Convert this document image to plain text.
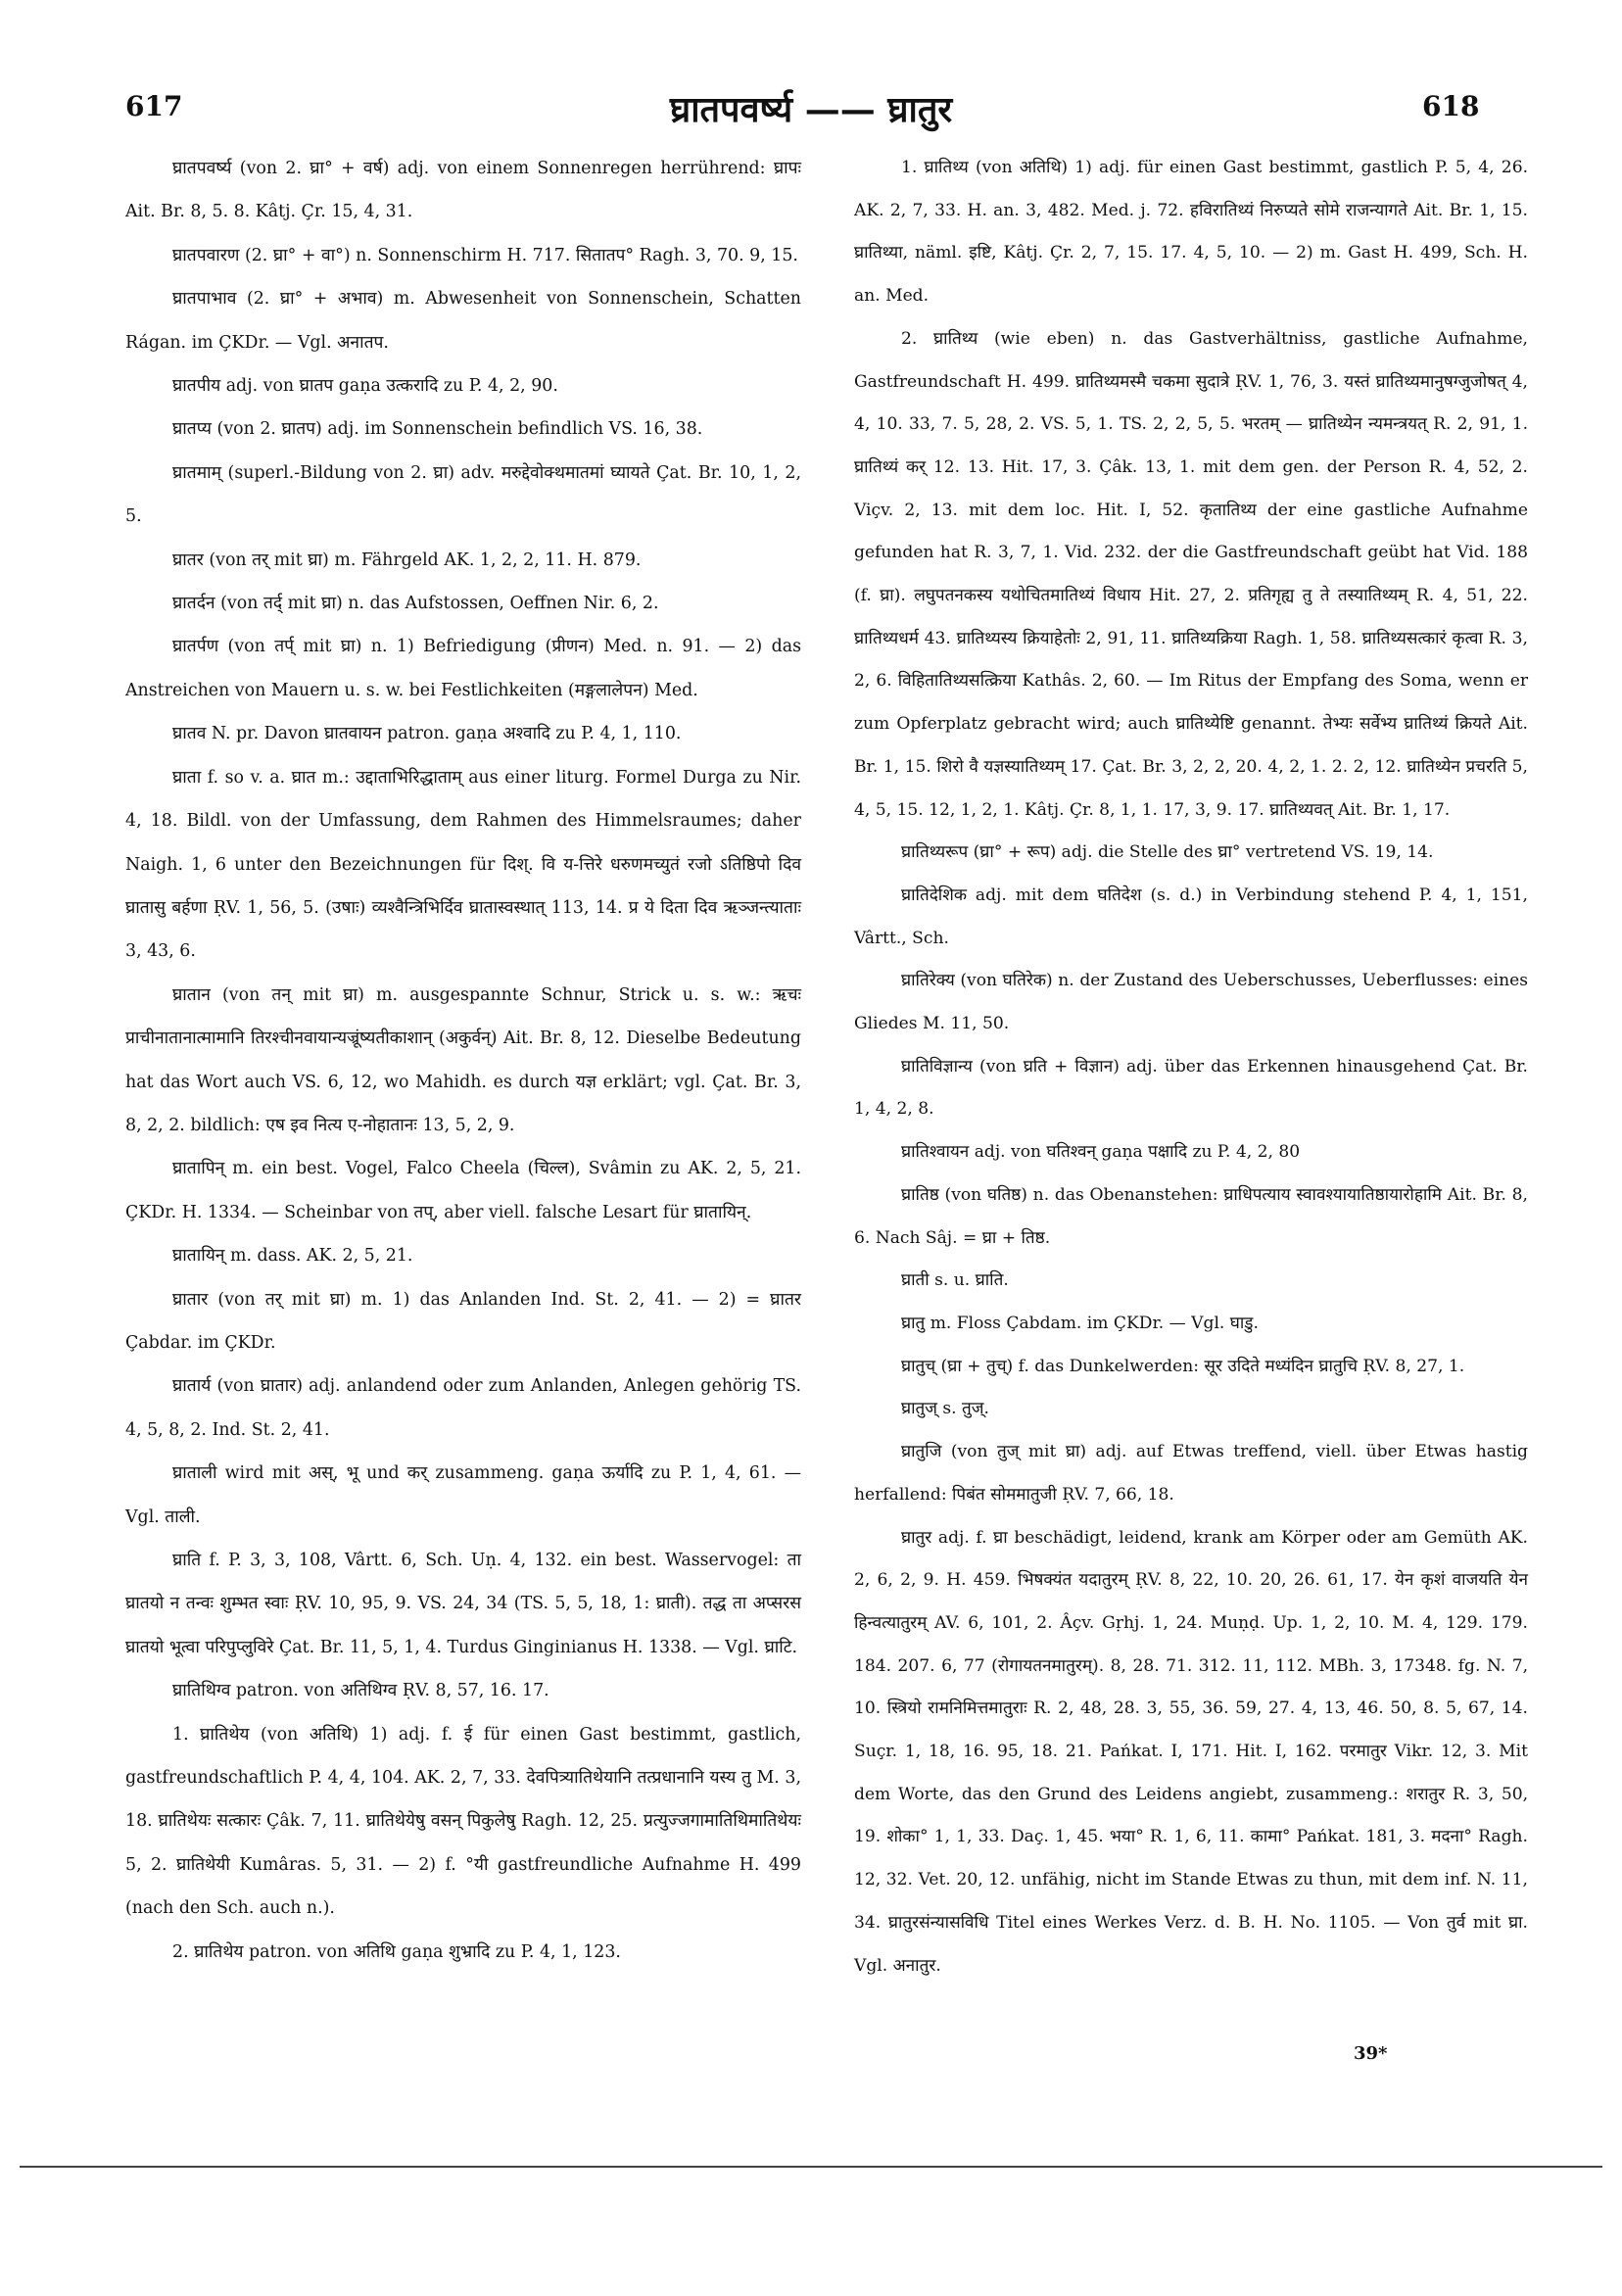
617	घ्रातपवर्ष्य —— घ्रातुर	618

घ्रातपवर्ष्य (von 2. घ्रा° + वर्ष) adj. von einem Sonnenregen herrührend: घ्रापः Ait. Br. 8, 5. 8. Kâtj. Çr. 15, 4, 31.

घ्रातपवारण (2. घ्रा° + वा°) n. Sonnenschirm H. 717. सितातप° Ragh. 3, 70. 9, 15.

घ्रातपाभाव (2. घ्रा° + अभाव) m. Abwesenheit von Sonnenschein, Schatten Rágan. im ÇKDr. — Vgl. अनातप.

घ्रातपीय adj. von घ्रातप gaṇa उत्करादि zu P. 4, 2, 90.

घ्रातप्य (von 2. घ्रातप) adj. im Sonnenschein befindlich VS. 16, 38.

घ्रातमाम् (superl.-Bildung von 2. घ्रा) adv. मरुद्देवोक्थमातमां घ्यायते Çat. Br. 10, 1, 2, 5.

घ्रातर (von तर् mit घ्रा) m. Fährgeld AK. 1, 2, 2, 11. H. 879.

घ्रातर्दन (von तर्द् mit घ्रा) n. das Aufstossen, Oeffnen Nir. 6, 2.

घ्रातर्पण (von तर्प् mit घ्रा) n. 1) Befriedigung (प्रीणन) Med. n. 91. — 2) das Anstreichen von Mauern u. s. w. bei Festlichkeiten (मङ्गलालेपन) Med.

घ्रातव N. pr. Davon घ्रातवायन patron. gaṇa अश्वादि zu P. 4, 1, 110.

घ्राता f. so v. a. घ्रात m.: उद्दाताभिरिद्धाताम् aus einer liturg. Formel Durga zu Nir. 4, 18. Bildl. von der Umfassung, dem Rahmen des Himmelsraumes; daher Naigh. 1, 6 unter den Bezeichnungen für दिश्. वि य-त्तिरे धरुणमच्युतं रजो ऽतिष्ठिपो दिव घ्रातासु बर्हणा ṚV. 1, 56, 5. (उषाः) व्यश्वैन्त्रिभिर्दिव घ्रातास्वस्थात् 113, 14. प्र ये दिता दिव ऋञ्जन्त्याताः 3, 43, 6.

घ्रातान (von तन् mit घ्रा) m. ausgespannte Schnur, Strick u. s. w.: ऋचः प्राचीनातानात्मामानि तिरश्चीनवायान्यज्रूंष्यतीकाशान् (अकुर्वन्) Ait. Br. 8, 12. Dieselbe Bedeutung hat das Wort auch VS. 6, 12, wo Mahidh. es durch यज्ञ erklärt; vgl. Çat. Br. 3, 8, 2, 2. bildlich: एष इव नित्य ए-नोहातानः 13, 5, 2, 9.

घ्रातापिन् m. ein best. Vogel, Falco Cheela (चिल्ल), Svâmin zu AK. 2, 5, 21. ÇKDr. H. 1334. — Scheinbar von तप्, aber viell. falsche Lesart für घ्रातायिन्.

घ्रातायिन् m. dass. AK. 2, 5, 21.

घ्रातार (von तर् mit घ्रा) m. 1) das Anlanden Ind. St. 2, 41. — 2) = घ्रातर Çabdar. im ÇKDr.

घ्रातार्य (von घ्रातार) adj. anlandend oder zum Anlanden, Anlegen gehörig TS. 4, 5, 8, 2. Ind. St. 2, 41.

घ्राताली wird mit अस्, भू und कर् zusammeng. gaṇa ऊर्यादि zu P. 1, 4, 61. — Vgl. ताली.

घ्राति f. P. 3, 3, 108, Vârtt. 6, Sch. Uṇ. 4, 132. ein best. Wasservogel: ता घ्रातयो न तन्वः शुम्भत स्वाः ṚV. 10, 95, 9. VS. 24, 34 (TS. 5, 5, 18, 1: घ्राती). तद्ध ता अप्सरस घ्रातयो भूत्वा परिपुप्लुविरे Çat. Br. 11, 5, 1, 4. Turdus Ginginianus H. 1338. — Vgl. घ्राटि.

घ्रातिथिग्व patron. von अतिथिग्व ṚV. 8, 57, 16. 17.

1. घ्रातिथेय (von अतिथि) 1) adj. f. ई für einen Gast bestimmt, gastlich, gastfreundschaftlich P. 4, 4, 104. AK. 2, 7, 33. देवपित्र्यातिथेयानि तत्प्रधानानि यस्य तु M. 3, 18. घ्रातिथेयः सत्कारः Çâk. 7, 11. घ्रातिथेयेषु वसन् पिकुलेषु Ragh. 12, 25. प्रत्युज्जगामातिथिमातिथेयः 5, 2. घ्रातिथेयी Kumâras. 5, 31. — 2) f. °यी gastfreundliche Aufnahme H. 499 (nach den Sch. auch n.).

2. घ्रातिथेय patron. von अतिथि gaṇa शुभ्रादि zu P. 4, 1, 123.

1. घ्रातिथ्य (von अतिथि) 1) adj. für einen Gast bestimmt, gastlich P. 5, 4, 26. AK. 2, 7, 33. H. an. 3, 482. Med. j. 72. हविरातिथ्यं निरुप्यते सोमे राजन्यागते Ait. Br. 1, 15. घ्रातिथ्या, näml. इष्टि, Kâtj. Çr. 2, 7, 15. 17. 4, 5, 10. — 2) m. Gast H. 499, Sch. H. an. Med.

2. घ्रातिथ्य (wie eben) n. das Gastverhältniss, gastliche Aufnahme, Gastfreundschaft H. 499. घ्रातिथ्यमस्मै चकमा सुदात्रे ṚV. 1, 76, 3. यस्तं घ्रातिथ्यमानुषग्जुजोषत् 4, 4, 10. 33, 7. 5, 28, 2. VS. 5, 1. TS. 2, 2, 5, 5. भरतम् — घ्रातिथ्येन न्यमन्त्रयत् R. 2, 91, 1. घ्रातिथ्यं कर् 12. 13. Hit. 17, 3. Çâk. 13, 1. mit dem gen. der Person R. 4, 52, 2. Viçv. 2, 13. mit dem loc. Hit. I, 52. कृतातिथ्य der eine gastliche Aufnahme gefunden hat R. 3, 7, 1. Vid. 232. der die Gastfreundschaft geübt hat Vid. 188 (f. घ्रा). लघुपतनकस्य यथोचितमातिथ्यं विधाय Hit. 27, 2. प्रतिगृह्य तु ते तस्यातिथ्यम् R. 4, 51, 22. घ्रातिथ्यधर्म 43. घ्रातिथ्यस्य क्रियाहेतोः 2, 91, 11. घ्रातिथ्यक्रिया Ragh. 1, 58. घ्रातिथ्यसत्कारं कृत्वा R. 3, 2, 6. विहितातिथ्यसत्क्रिया Kathâs. 2, 60. — Im Ritus der Empfang des Soma, wenn er zum Opferplatz gebracht wird; auch घ्रातिथ्येष्टि genannt. तेभ्यः सर्वेभ्य घ्रातिथ्यं क्रियते Ait. Br. 1, 15. शिरो वै यज्ञस्यातिथ्यम् 17. Çat. Br. 3, 2, 2, 20. 4, 2, 1. 2. 2, 12. घ्रातिथ्येन प्रचरति 5, 4, 5, 15. 12, 1, 2, 1. Kâtj. Çr. 8, 1, 1. 17, 3, 9. 17. घ्रातिथ्यवत् Ait. Br. 1, 17.

घ्रातिथ्यरूप (घ्रा° + रूप) adj. die Stelle des घ्रा° vertretend VS. 19, 14.

घ्रातिदेशिक adj. mit dem घतिदेश (s. d.) in Verbindung stehend P. 4, 1, 151, Vârtt., Sch.

घ्रातिरेक्य (von घतिरेक) n. der Zustand des Ueberschusses, Ueberflusses: eines Gliedes M. 11, 50.

घ्रातिविज्ञान्य (von घ्रति + विज्ञान) adj. über das Erkennen hinausgehend Çat. Br. 1, 4, 2, 8.

घ्रातिश्वायन adj. von घतिश्वन् gaṇa पक्षादि zu P. 4, 2, 80

घ्रातिष्ठ (von घतिष्ठ) n. das Obenanstehen: घ्राधिपत्याय स्वावश्यायातिष्ठायारोहामि Ait. Br. 8, 6. Nach Sâj. = घ्रा + तिष्ठ.

घ्राती s. u. घ्राति.

घ्रातु m. Floss Çabdam. im ÇKDr. — Vgl. घाडु.

घ्रातुच् (घ्रा + तुच्) f. das Dunkelwerden: सूर उदिते मध्यंदिन घ्रातुचि ṚV. 8, 27, 1.

घ्रातुज् s. तुज्.

घ्रातुजि (von तुज् mit घ्रा) adj. auf Etwas treffend, viell. über Etwas hastig herfallend: पिबंत सोममातुजी ṚV. 7, 66, 18.

घ्रातुर adj. f. घ्रा beschädigt, leidend, krank am Körper oder am Gemüth AK. 2, 6, 2, 9. H. 459. भिषक्यंत यदातुरम् ṚV. 8, 22, 10. 20, 26. 61, 17. येन कृशं वाजयति येन हिन्वत्यातुरम् AV. 6, 101, 2. Âçv. Gṛhj. 1, 24. Muṇḍ. Up. 1, 2, 10. M. 4, 129. 179. 184. 207. 6, 77 (रोगायतनमातुरम्). 8, 28. 71. 312. 11, 112. MBh. 3, 17348. fg. N. 7, 10. स्त्रियो रामनिमित्तमातुराः R. 2, 48, 28. 3, 55, 36. 59, 27. 4, 13, 46. 50, 8. 5, 67, 14. Suçr. 1, 18, 16. 95, 18. 21. Pańkat. I, 171. Hit. I, 162. परमातुर Vikr. 12, 3. Mit dem Worte, das den Grund des Leidens angiebt, zusammeng.: शरातुर R. 3, 50, 19. शोका° 1, 1, 33. Daç. 1, 45. भया° R. 1, 6, 11. कामा° Pańkat. 181, 3. मदना° Ragh. 12, 32. Vet. 20, 12. unfähig, nicht im Stande Etwas zu thun, mit dem inf. N. 11, 34. घ्रातुरसंन्यासविधि Titel eines Werkes Verz. d. B. H. No. 1105. — Von तुर्व mit घ्रा. Vgl. अनातुर.

39*
